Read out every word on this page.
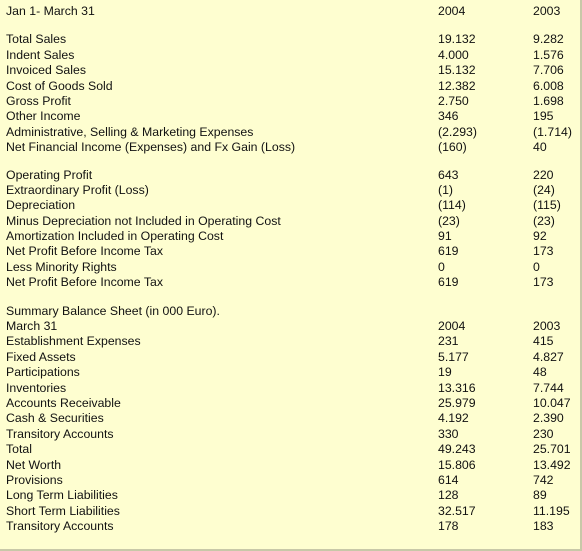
Jan 1- March 31	2004	2003
Total Sales	19.132	9.282
Indent Sales	4.000	1.576
Invoiced Sales	15.132	7.706
Cost of Goods Sold	12.382	6.008
Gross Profit	2.750	1.698
Other Income	346	195
Administrative, Selling & Marketing Expenses	(2.293)	(1.714)
Net Financial Income (Expenses) and Fx Gain (Loss)	(160)	40
Operating Profit	643	220
Extraordinary Profit (Loss)	(1)	(24)
Depreciation	(114)	(115)
Minus Depreciation not Included in Operating Cost	(23)	(23)
Amortization Included in Operating Cost	91	92
Net Profit Before Income Tax	619	173
Less Minority Rights	0	0
Net Profit Before Income Tax	619	173
Summary Balance Sheet (in 000 Euro).
March 31	2004	2003
Establishment Expenses	231	415
Fixed Assets	5.177	4.827
Participations	19	48
Inventories	13.316	7.744
Accounts Receivable	25.979	10.047
Cash & Securities	4.192	2.390
Transitory Accounts	330	230
Total	49.243	25.701
Net Worth	15.806	13.492
Provisions	614	742
Long Term Liabilities	128	89
Short Term Liabilities	32.517	11.195
Transitory Accounts	178	183
